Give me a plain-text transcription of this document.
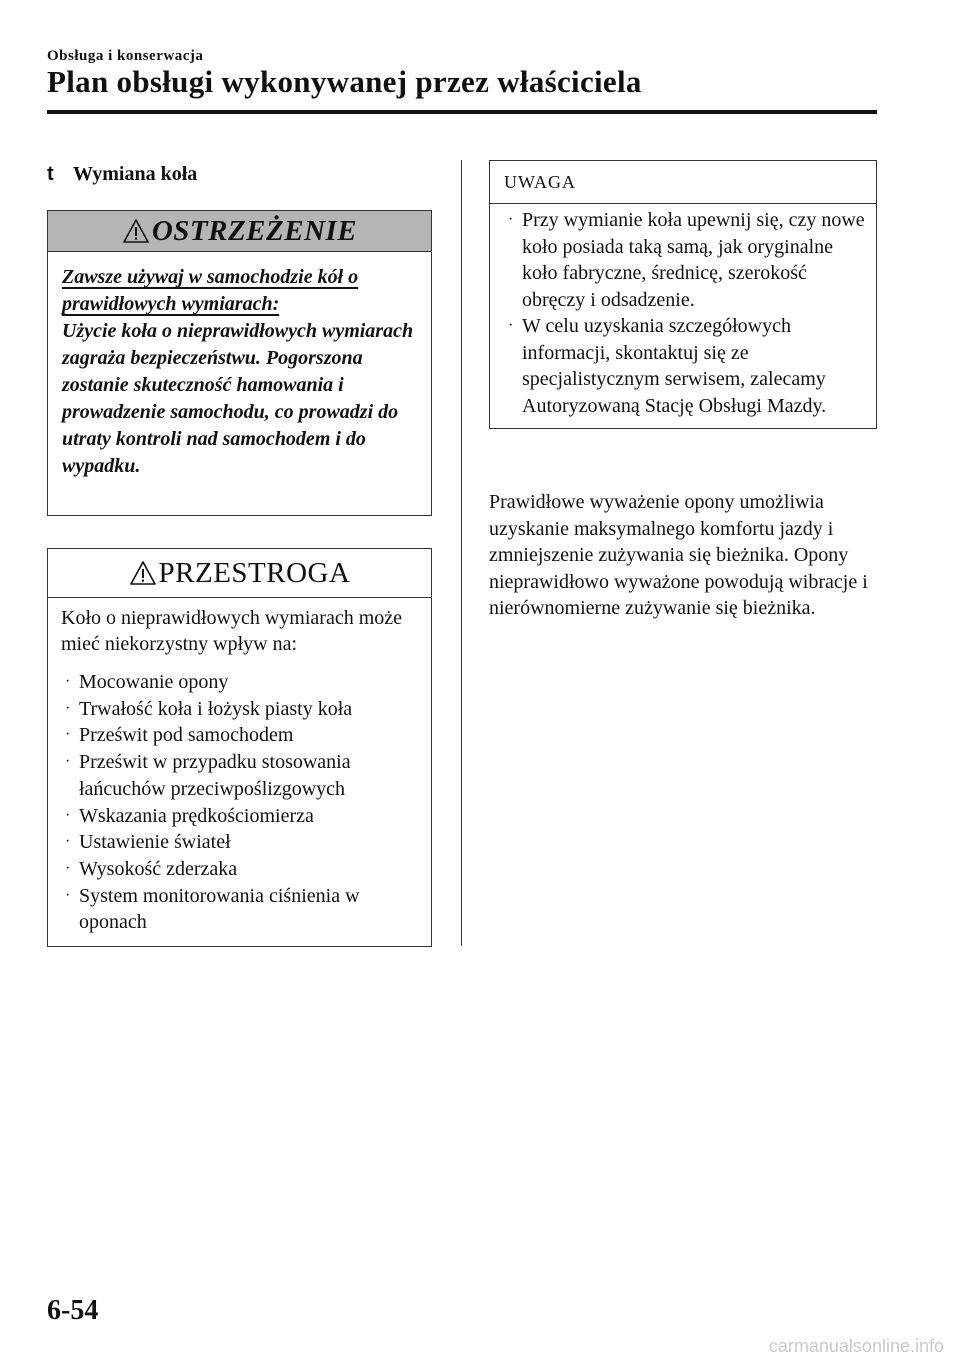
Obsługa i konserwacja
Plan obsługi wykonywanej przez właściciela
t Wymiana koła
OSTRZEŻENIE
Zawsze używaj w samochodzie kół o prawidłowych wymiarach:
Użycie koła o nieprawidłowych wymiarach zagraża bezpieczeństwu. Pogorszona zostanie skuteczność hamowania i prowadzenie samochodu, co prowadzi do utraty kontroli nad samochodem i do wypadku.
PRZESTROGA
Koło o nieprawidłowych wymiarach może mieć niekorzystny wpływ na:
· Mocowanie opony
· Trwałość koła i łożysk piasty koła
· Prześwit pod samochodem
· Prześwit w przypadku stosowania łańcuchów przeciwpoślizgowych
· Wskazania prędkościomierza
· Ustawienie świateł
· Wysokość zderzaka
· System monitorowania ciśnienia w oponach
UWAGA
· Przy wymianie koła upewnij się, czy nowe koło posiada taką samą, jak oryginalne koło fabryczne, średnicę, szerokość obręczy i odsadzenie.
· W celu uzyskania szczegółowych informacji, skontaktuj się ze specjalistycznym serwisem, zalecamy Autoryzowaną Stację Obsługi Mazdy.
Prawidłowe wyważenie opony umożliwia uzyskanie maksymalnego komfortu jazdy i zmniejszenie zużywania się bieżnika. Opony nieprawidłowo wyważone powodują wibracje i nierównomierne zużywanie się bieżnika.
6-54
carmanualsonline.info
